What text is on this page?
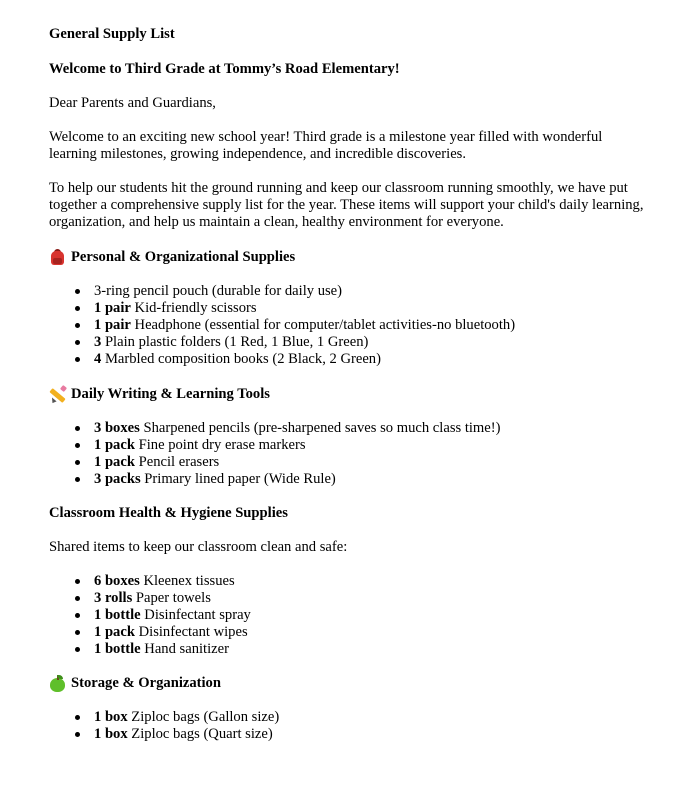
General Supply List

Welcome to Third Grade at Tommy’s Road Elementary!

Dear Parents and Guardians,

Welcome to an exciting new school year! Third grade is a milestone year filled with wonderful learning milestones, growing independence, and incredible discoveries.

To help our students hit the ground running and keep our classroom running smoothly, we have put together a comprehensive supply list for the year. These items will support your child's daily learning, organization, and help us maintain a clean, healthy environment for everyone.

Personal & Organizational Supplies
3-ring pencil pouch (durable for daily use)
1 pair Kid-friendly scissors
1 pair Headphone (essential for computer/tablet activities-no bluetooth)
3 Plain plastic folders (1 Red, 1 Blue, 1 Green)
4 Marbled composition books (2 Black, 2 Green)
Daily Writing & Learning Tools
3 boxes Sharpened pencils (pre-sharpened saves so much class time!)
1 pack Fine point dry erase markers
1 pack Pencil erasers
3 packs Primary lined paper (Wide Rule)
Classroom Health & Hygiene Supplies

Shared items to keep our classroom clean and safe:

6 boxes Kleenex tissues
3 rolls Paper towels
1 bottle Disinfectant spray
1 pack Disinfectant wipes
1 bottle Hand sanitizer
Storage & Organization
1 box Ziploc bags (Gallon size)
1 box Ziploc bags (Quart size)
